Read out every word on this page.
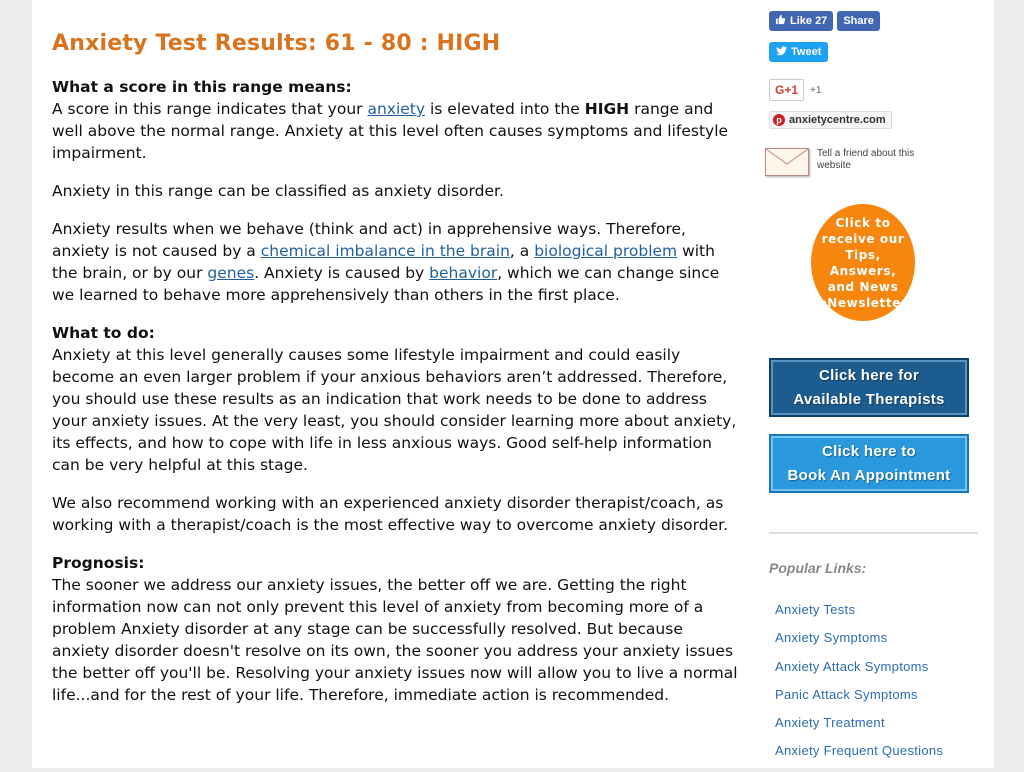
Anxiety Test Results: 61 - 80 : HIGH
What a score in this range means:

A score in this range indicates that your anxiety is elevated into the HIGH range and well above the normal range. Anxiety at this level often causes symptoms and lifestyle impairment.

Anxiety in this range can be classified as anxiety disorder.

Anxiety results when we behave (think and act) in apprehensive ways. Therefore, anxiety is not caused by a chemical imbalance in the brain, a biological problem with the brain, or by our genes. Anxiety is caused by behavior, which we can change since we learned to behave more apprehensively than others in the first place.

What to do:

Anxiety at this level generally causes some lifestyle impairment and could easily become an even larger problem if your anxious behaviors aren’t addressed. Therefore, you should use these results as an indication that work needs to be done to address your anxiety issues. At the very least, you should consider learning more about anxiety, its effects, and how to cope with life in less anxious ways. Good self-help information can be very helpful at this stage.

We also recommend working with an experienced anxiety disorder therapist/coach, as working with a therapist/coach is the most effective way to overcome anxiety disorder.

Prognosis:

The sooner we address our anxiety issues, the better off we are. Getting the right information now can not only prevent this level of anxiety from becoming more of a problem Anxiety disorder at any stage can be successfully resolved. But because anxiety disorder doesn't resolve on its own, the sooner you address your anxiety issues the better off you'll be. Resolving your anxiety issues now will allow you to live a normal life...and for the rest of your life. Therefore, immediate action is recommended.

Like 27	Share
Tweet
G+1	+1
p anxietycentre.com
Tell a friend about this website
Click to receive our Tips, Answers, and News eNewsletter
Click here for
Available Therapists
Click here to
Book An Appointment
Popular Links:
Anxiety Tests
Anxiety Symptoms
Anxiety Attack Symptoms
Panic Attack Symptoms
Anxiety Treatment
Anxiety Frequent Questions
